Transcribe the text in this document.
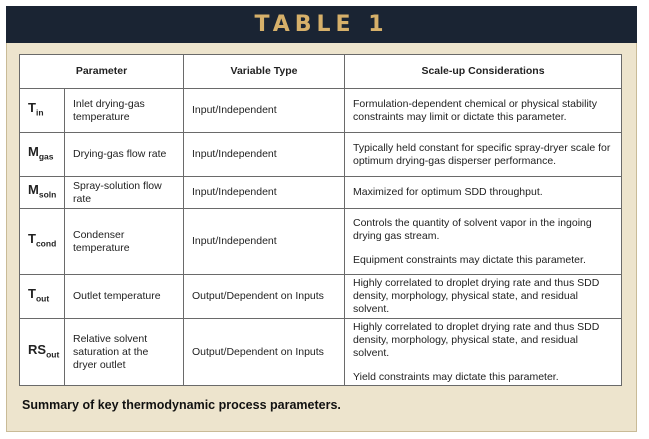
TABLE 1
Parameter		Variable Type	Scale-up Considerations
$T_{in}$	Inlet drying-gas temperature	Input/Independent	Formulation-dependent chemical or physical stability constraints may limit or dictate this parameter.

$M_{gas}$	Drying-gas flow rate	Input/Independent	Typically held constant for specific spray-dryer scale for optimum drying-gas disperser performance.

$M_{soln}$	Spray-solution flow rate	Input/Independent	Maximized for optimum SDD throughput.

$T_{cond}$	Condenser temperature	Input/Independent	Controls the quantity of solvent vapor in the ingoing drying gas stream.
Equipment constraints may dictate this parameter.

$T_{out}$	Outlet temperature	Output/Dependent on Inputs	Highly correlated to droplet drying rate and thus SDD density, morphology, physical state, and residual solvent.

$RS_{out}$	Relative solvent saturation at the dryer outlet	Output/Dependent on Inputs	Highly correlated to droplet drying rate and thus SDD density, morphology, physical state, and residual solvent.
Yield constraints may dictate this parameter.
Summary of key thermodynamic process parameters.
